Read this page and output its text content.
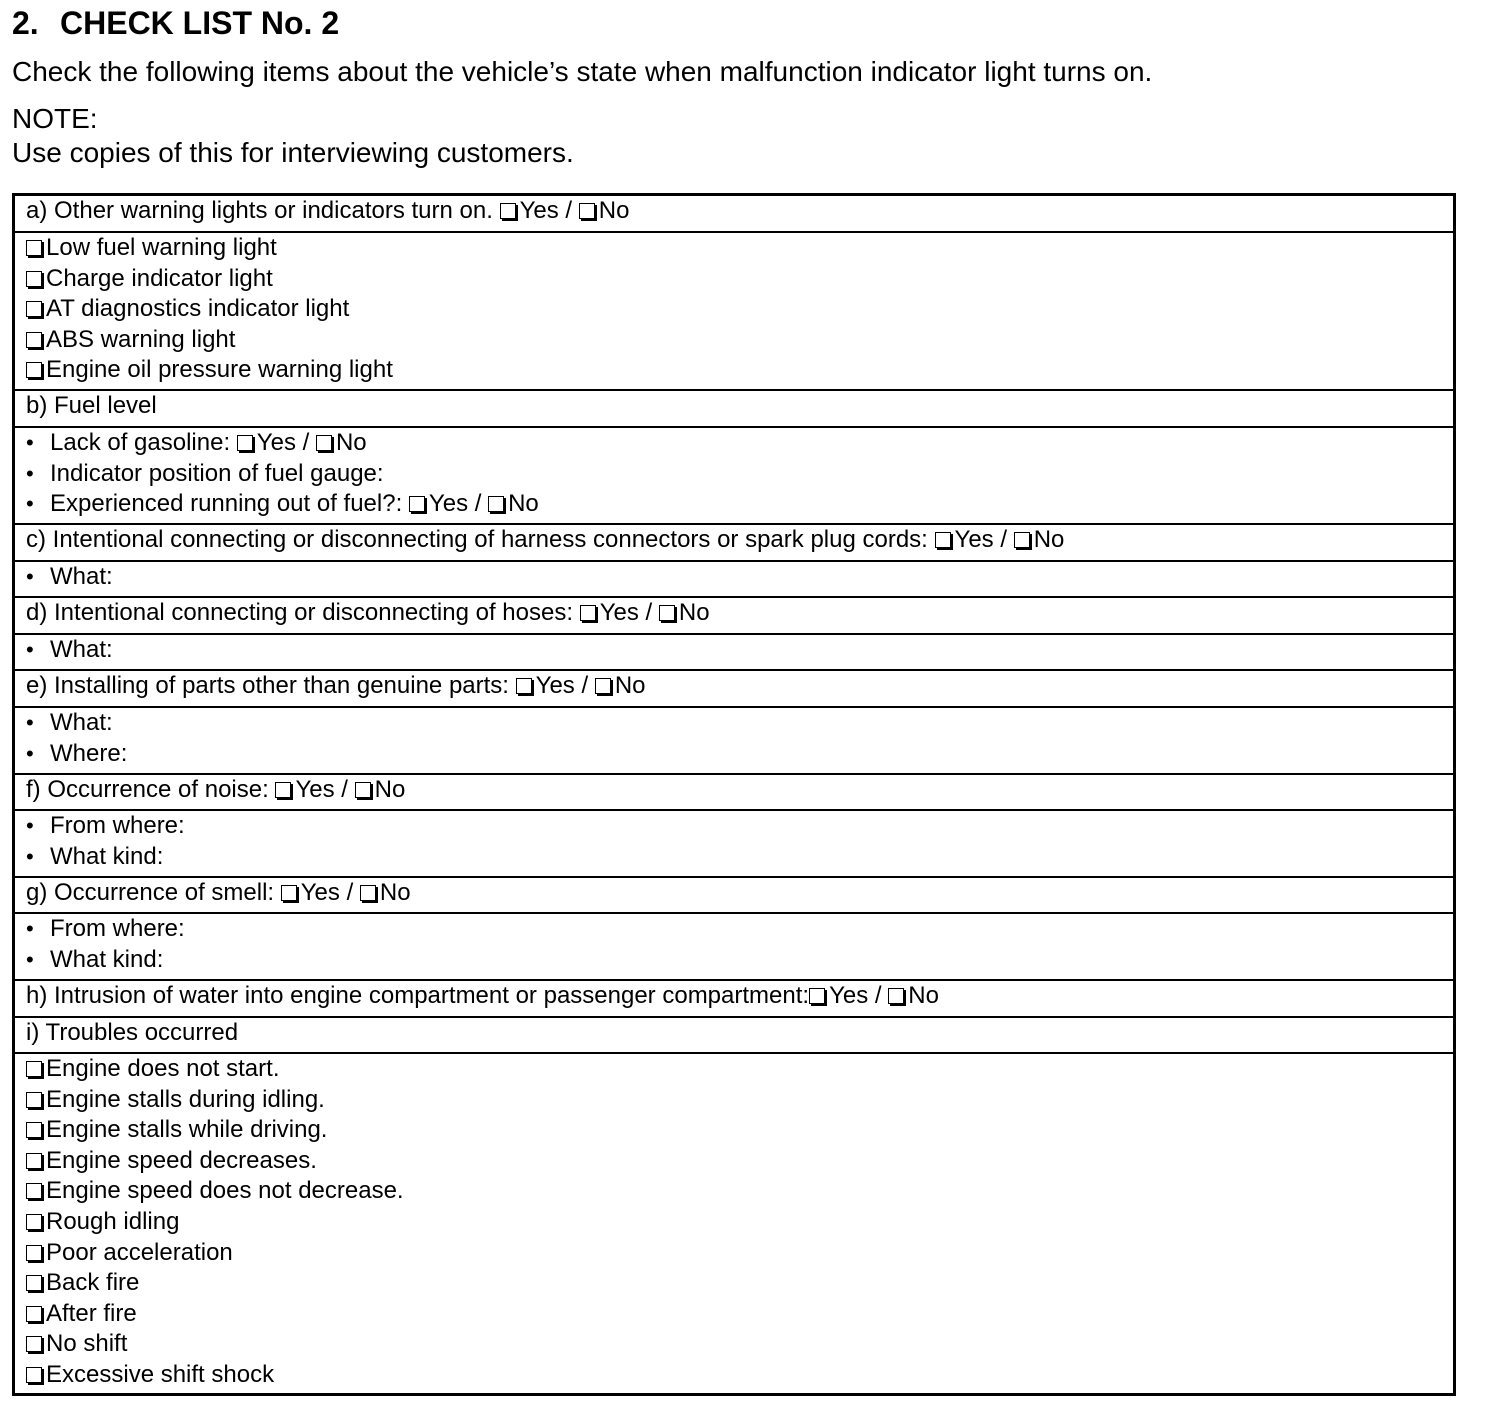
2. CHECK LIST No. 2
Check the following items about the vehicle’s state when malfunction indicator light turns on.
NOTE:
Use copies of this for interviewing customers.
a) Other warning lights or indicators turn on. Yes / No
Low fuel warning light
Charge indicator light
AT diagnostics indicator light
ABS warning light
Engine oil pressure warning light
b) Fuel level
• Lack of gasoline: Yes / No
• Indicator position of fuel gauge:
• Experienced running out of fuel?: Yes / No
c) Intentional connecting or disconnecting of harness connectors or spark plug cords: Yes / No
• What:
d) Intentional connecting or disconnecting of hoses: Yes / No
• What:
e) Installing of parts other than genuine parts: Yes / No
• What:
• Where:
f) Occurrence of noise: Yes / No
• From where:
• What kind:
g) Occurrence of smell: Yes / No
• From where:
• What kind:
h) Intrusion of water into engine compartment or passenger compartment: Yes / No
i) Troubles occurred
Engine does not start.
Engine stalls during idling.
Engine stalls while driving.
Engine speed decreases.
Engine speed does not decrease.
Rough idling
Poor acceleration
Back fire
After fire
No shift
Excessive shift shock
